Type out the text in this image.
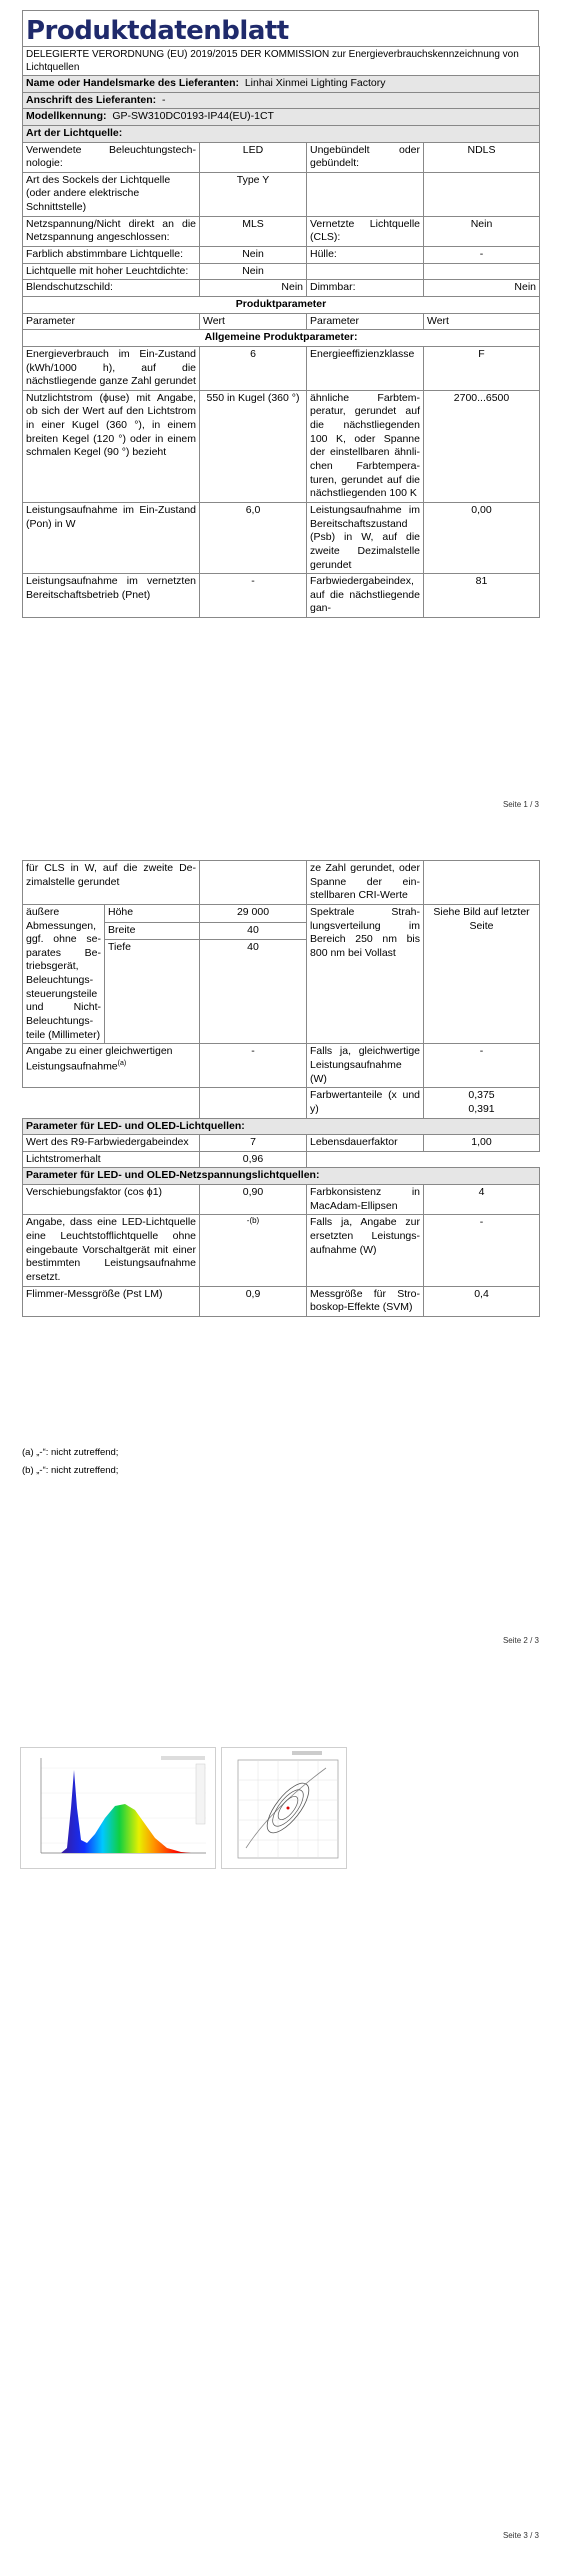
Produktdatenblatt
DELEGIERTE VERORDNUNG (EU) 2019/2015 DER KOMMISSION zur Energieverbrauchskennzeichnung von Lichtquellen			
Name oder Handelsmarke des Lieferanten: Linhai Xinmei Lighting Factory			
Anschrift des Lieferanten: -			
Modellkennung: GP-SW310DC0193-IP44(EU)-1CT			
Art der Lichtquelle:			
Verwendete Beleuchtungstechnologie:	LED	Ungebündelt oder gebündelt:	NDLS
Art des Sockels der Lichtquelle (oder andere elektrische Schnittstelle)	Type Y		
Netzspannung/Nicht direkt an die Netzspannung angeschlossen:	MLS	Vernetzte Lichtquelle (CLS):	Nein
Farblich abstimmbare Lichtquelle:	Nein	Hülle:	-
Lichtquelle mit hoher Leuchtdichte:	Nein		
Blendschutzschild:	Nein	Dimmbar:	Nein
Produktparameter			
Parameter	Wert	Parameter	Wert
Allgemeine Produktparameter:			
Energieverbrauch im Ein-Zustand (kWh/1000 h), auf die nächstliegende ganze Zahl gerundet	6	Energieeffizienzklasse	F
Nutzlichtstrom (ϕuse) mit Angabe, ob sich der Wert auf den Lichtstrom in einer Kugel (360 °), in einem breiten Kegel (120 °) oder in einem schmalen Kegel (90 °) bezieht	550 in Kugel (360 °)	ähnliche Farbtemperatur, gerundet auf die nächstliegenden 100 K, oder Spanne der einstellbaren ähnlichen Farbtemperaturen, gerundet auf die nächstliegenden 100 K	2700...6500
Leistungsaufnahme im Ein-Zustand (Pon) in W	6,0	Leistungsaufnahme im Bereitschaftszustand (Psb) in W, auf die zweite Dezimalstelle gerundet	0,00
Leistungsaufnahme im vernetzten Bereitschaftsbetrieb (Pnet)	-	Farbwiedergabeindex, auf die nächstliegende gan-	81
Seite 1 / 3
für CLS in W, auf die zweite Dezimalstelle gerundet			ze Zahl gerundet, oder Spanne der einstellbaren CRI-Werte	
äußere Abmessungen, ggf. ohne separates Betriebsgerät, Beleuchtungssteuerungsteile und Nicht-Beleuchtungsteile (Millimeter)	Höhe	29 000	Spektrale Strahlungsverteilung im Bereich 250 nm bis 800 nm bei Vollast	Siehe Bild auf letzter Seite
	Breite	40		
	Tiefe	40		
Angabe zu einer gleichwertigen Leistungsaufnahme$^{(a)}$		-	Falls ja, gleichwertige Leistungsaufnahme (W)	-
			Farbwertanteile (x und y)	0,375
0,391

Parameter für LED- und OLED-Lichtquellen:				
Wert des R9-Farbwiedergabeindex		7	Lebensdauerfaktor	1,00
Lichtstromerhalt		0,96		
Parameter für LED- und OLED-Netzspannungslichtquellen:				
Verschiebungsfaktor (cos ϕ1)		0,90	Farbkonsistenz in MacAdam-Ellipsen	4
Angabe, dass eine LED-Lichtquelle eine Leuchtstofflichtquelle ohne eingebaute Vorschaltgerät mit einer bestimmten Leistungsaufnahme ersetzt.		-(b)	Falls ja, Angabe zur ersetzten Leistungsaufnahme (W)	-
Flimmer-Messgröße (Pst LM)		0,9	Messgröße für Stroboskop-Effekte (SVM)	0,4
(a) „-“: nicht zutreffend;
(b) „-“: nicht zutreffend;
Seite 2 / 3
Seite 3 / 3
